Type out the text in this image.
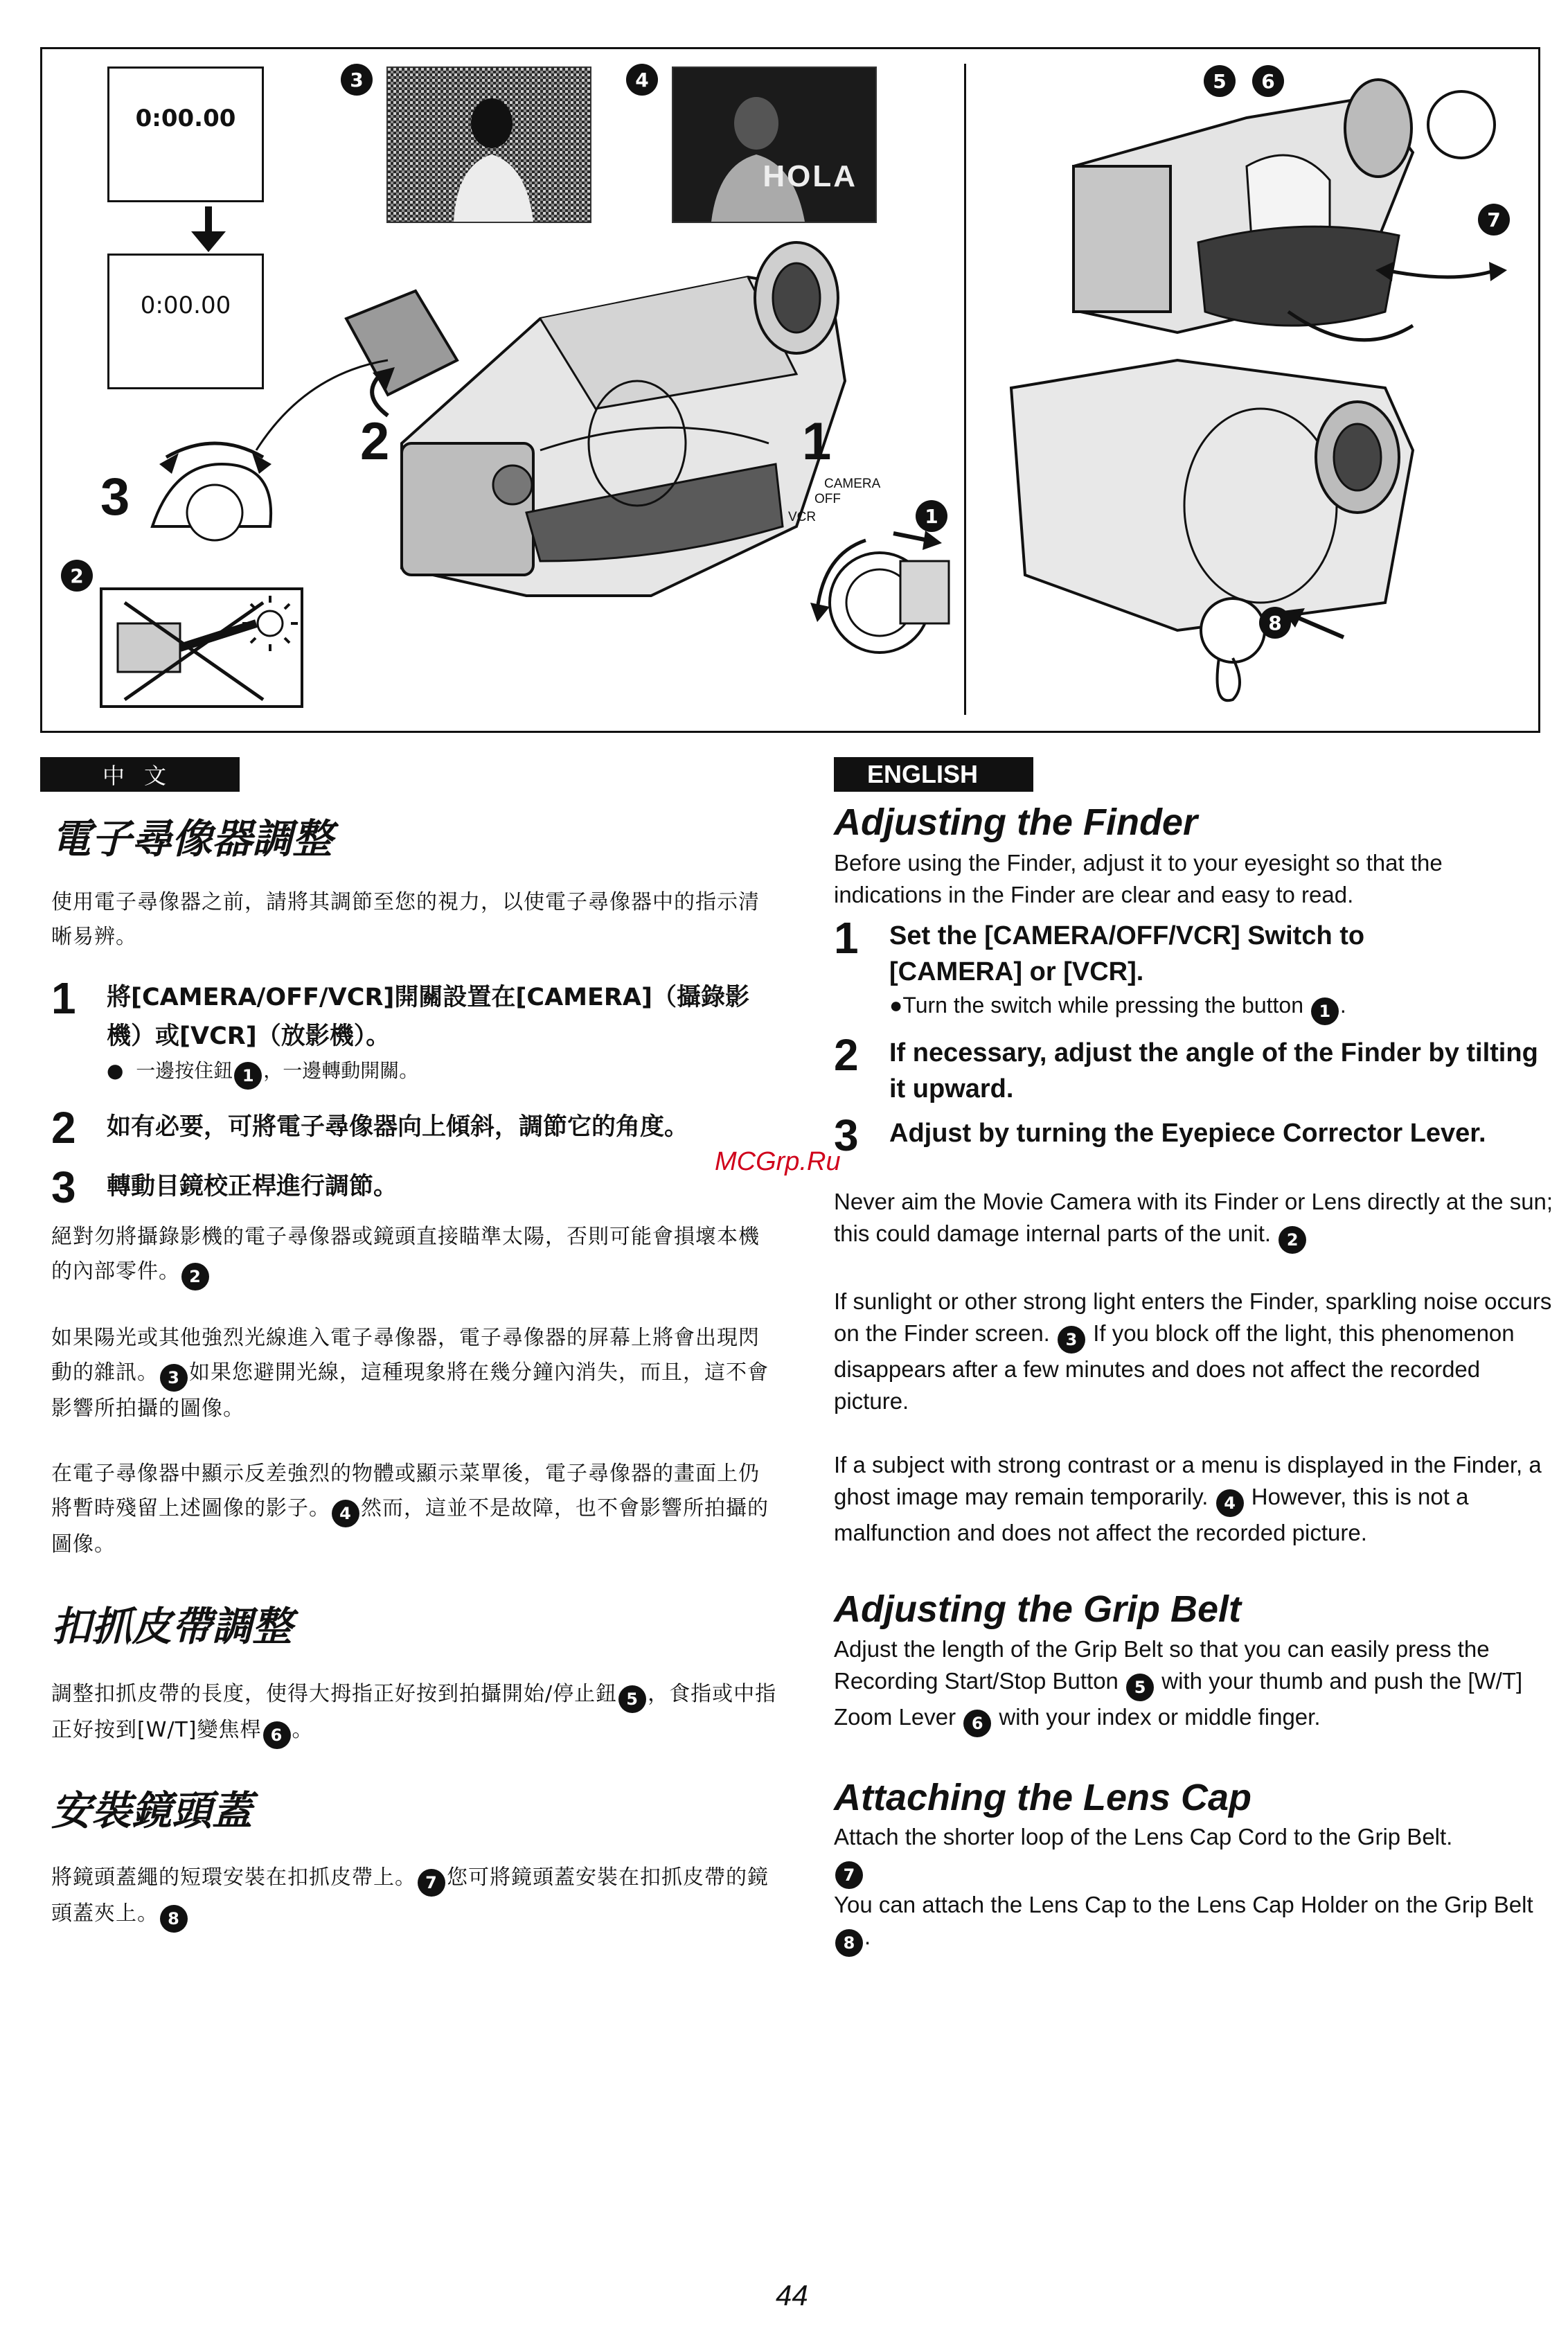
0:00.00
0:00.00
3	4
HOLA
2	1
3
2
1
CAMERA
OFF
VCR
5	6
7
8
中文
電子尋像器調整

使用電子尋像器之前，請將其調節至您的視力，以使電子尋像器中的指示清晰易辨。

1 將[CAMERA/OFF/VCR]開關設置在[CAMERA]（攝錄影機）或[VCR]（放影機）。
●  一邊按住鈕 1 ，一邊轉動開關。
2 如有必要，可將電子尋像器向上傾斜，調節它的角度。
3 轉動目鏡校正桿進行調節。

絕對勿將攝錄影機的電子尋像器或鏡頭直接瞄準太陽，否則可能會損壞本機的內部零件。 2

如果陽光或其他強烈光線進入電子尋像器，電子尋像器的屏幕上將會出現閃動的雜訊。 3 如果您避開光線，這種現象將在幾分鐘內消失，而且，這不會影響所拍攝的圖像。

在電子尋像器中顯示反差強烈的物體或顯示菜單後，電子尋像器的畫面上仍將暫時殘留上述圖像的影子。 4 然而，這並不是故障，也不會影響所拍攝的圖像。

扣抓皮帶調整

調整扣抓皮帶的長度，使得大拇指正好按到拍攝開始/停止鈕 5 ，食指或中指正好按到[W/T]變焦桿 6 。

安裝鏡頭蓋

將鏡頭蓋繩的短環安裝在扣抓皮帶上。 7 您可將鏡頭蓋安裝在扣抓皮帶的鏡頭蓋夾上。 8

MCGrp.Ru
ENGLISH
Adjusting the Finder

Before using the Finder, adjust it to your eyesight so that the indications in the Finder are clear and easy to read.

1 Set the [CAMERA/OFF/VCR] Switch to [CAMERA] or [VCR].
●Turn the switch while pressing the button 1 .
2 If necessary, adjust the angle of the Finder by tilting it upward.
3 Adjust by turning the Eyepiece Corrector Lever.

Never aim the Movie Camera with its Finder or Lens directly at the sun; this could damage internal parts of the unit. 2

If sunlight or other strong light enters the Finder, sparkling noise occurs on the Finder screen. 3 If you block off the light, this phenomenon disappears after a few minutes and does not affect the recorded picture.

If a subject with strong contrast or a menu is displayed in the Finder, a ghost image may remain temporarily. 4 However, this is not a malfunction and does not affect the recorded picture.

Adjusting the Grip Belt

Adjust the length of the Grip Belt so that you can easily press the Recording Start/Stop Button 5 with your thumb and push the [W/T] Zoom Lever 6 with your index or middle finger.

Attaching the Lens Cap

Attach the shorter loop of the Lens Cap Cord to the Grip Belt.
7

You can attach the Lens Cap to the Lens Cap Holder on the Grip Belt 8 .

44
